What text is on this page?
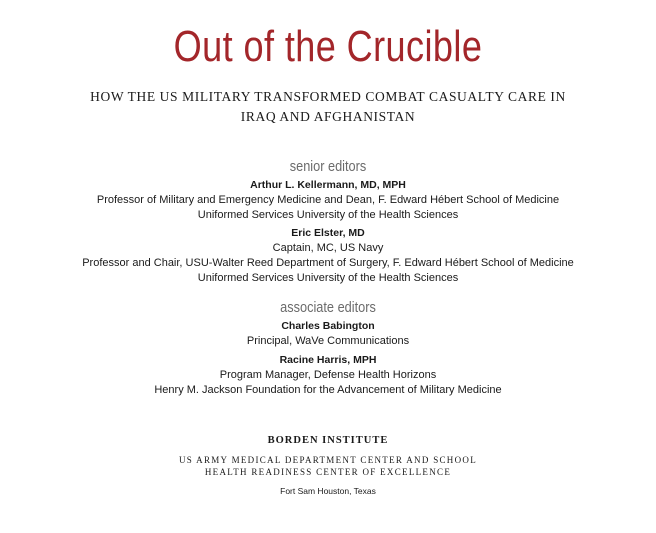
Out of the Crucible
HOW THE US MILITARY TRANSFORMED COMBAT CASUALTY CARE IN
IRAQ AND AFGHANISTAN
senior editors
Arthur L. Kellermann, MD, MPH
Professor of Military and Emergency Medicine and Dean, F. Edward Hébert School of Medicine
Uniformed Services University of the Health Sciences
Eric Elster, MD
Captain, MC, US Navy
Professor and Chair, USU-Walter Reed Department of Surgery, F. Edward Hébert School of Medicine
Uniformed Services University of the Health Sciences
associate editors
Charles Babington
Principal, WaVe Communications
Racine Harris, MPH
Program Manager, Defense Health Horizons
Henry M. Jackson Foundation for the Advancement of Military Medicine
BORDEN INSTITUTE
US ARMY MEDICAL DEPARTMENT CENTER AND SCHOOL
HEALTH READINESS CENTER OF EXCELLENCE
Fort Sam Houston, Texas
